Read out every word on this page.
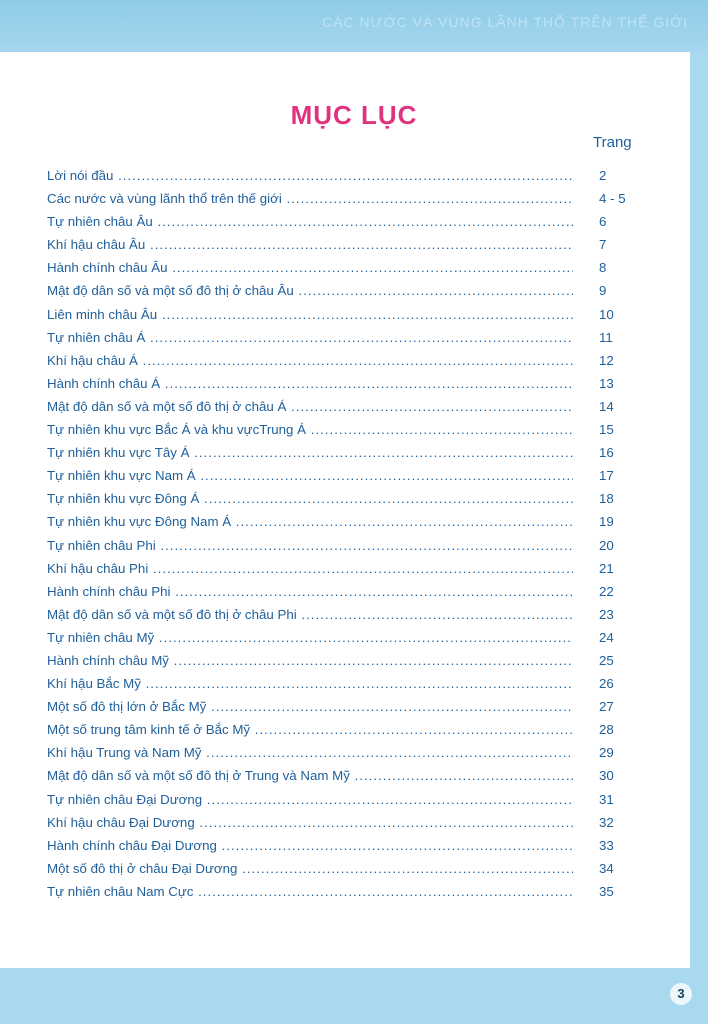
CÁC NƯỚC VÀ VÙNG LÃNH THỔ TRÊN THẾ GIỚI
MỤC LỤC
Trang
Lời nói đầu .....	2
Các nước và vùng lãnh thổ trên thế giới .....	4 - 5
Tự nhiên châu Âu .....	6
Khí hậu châu Âu .....	7
Hành chính châu Âu .....	8
Mật độ dân số và một số đô thị ở châu Âu .....	9
Liên minh châu Âu .....	10
Tự nhiên châu Á .....	11
Khí hậu châu Á .....	12
Hành chính châu Á .....	13
Mật độ dân số và một số đô thị ở châu Á .....	14
Tự nhiên khu vực Bắc Á và khu vựcTrung Á .....	15
Tự nhiên khu vực Tây Á .....	16
Tự nhiên khu vực Nam Á .....	17
Tự nhiên khu vực Đông Á .....	18
Tự nhiên khu vực Đông Nam Á .....	19
Tự nhiên châu Phi .....	20
Khí hậu châu Phi .....	21
Hành chính châu Phi .....	22
Mật độ dân số và một số đô thị ở châu Phi .....	23
Tự nhiên châu Mỹ .....	24
Hành chính châu Mỹ .....	25
Khí hậu Bắc Mỹ .....	26
Một số đô thị lớn ở Bắc Mỹ .....	27
Một số trung tâm kinh tế ở Bắc Mỹ .....	28
Khí hậu Trung và Nam Mỹ .....	29
Mật độ dân số và một số đô thị ở Trung và Nam Mỹ .....	30
Tự nhiên châu Đại Dương .....	31
Khí hậu châu Đại Dương .....	32
Hành chính châu Đại Dương .....	33
Một số đô thị ở châu Đại Dương .....	34
Tự nhiên châu Nam Cực .....	35
3
